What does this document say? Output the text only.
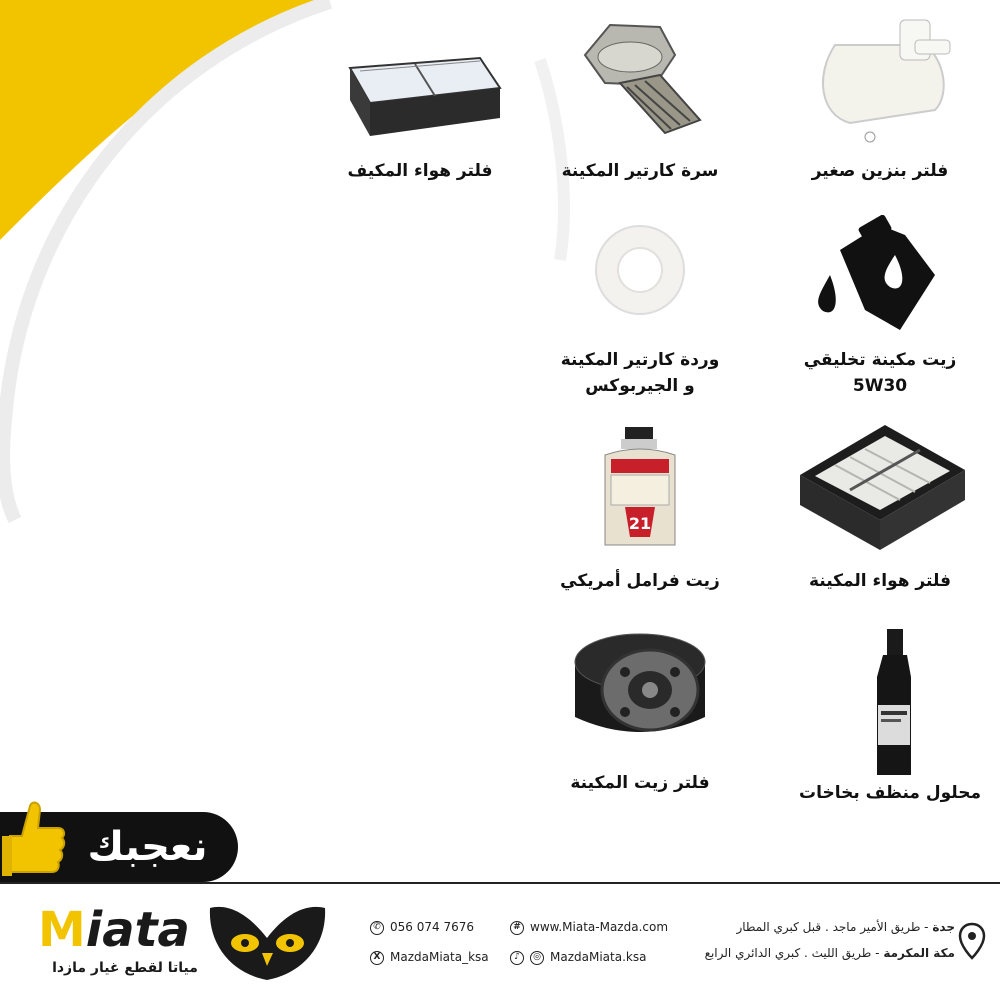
فلتر هواء المكيف	سرة كارتير المكينة	فلتر بنزين صغير
وردة كارتير المكينة
و الجيربوكس
زيت مكينة تخليقي
5W30
21
زيت فرامل أمريكي	فلتر هواء المكينة
فلتر زيت المكينة	محلول منظف بخاخات
نعجبك
Miata
مياتا لقطع غيار مازدا
✆ 056 074 7676
X MazdaMiata_ksa
# www.Miata-Mazda.com
♪ ◎ MazdaMiata.ksa
جدة - طريق الأمير ماجد . قبل كبري المطار
مكة المكرمة - طريق الليث . كبري الدائري الرابع
